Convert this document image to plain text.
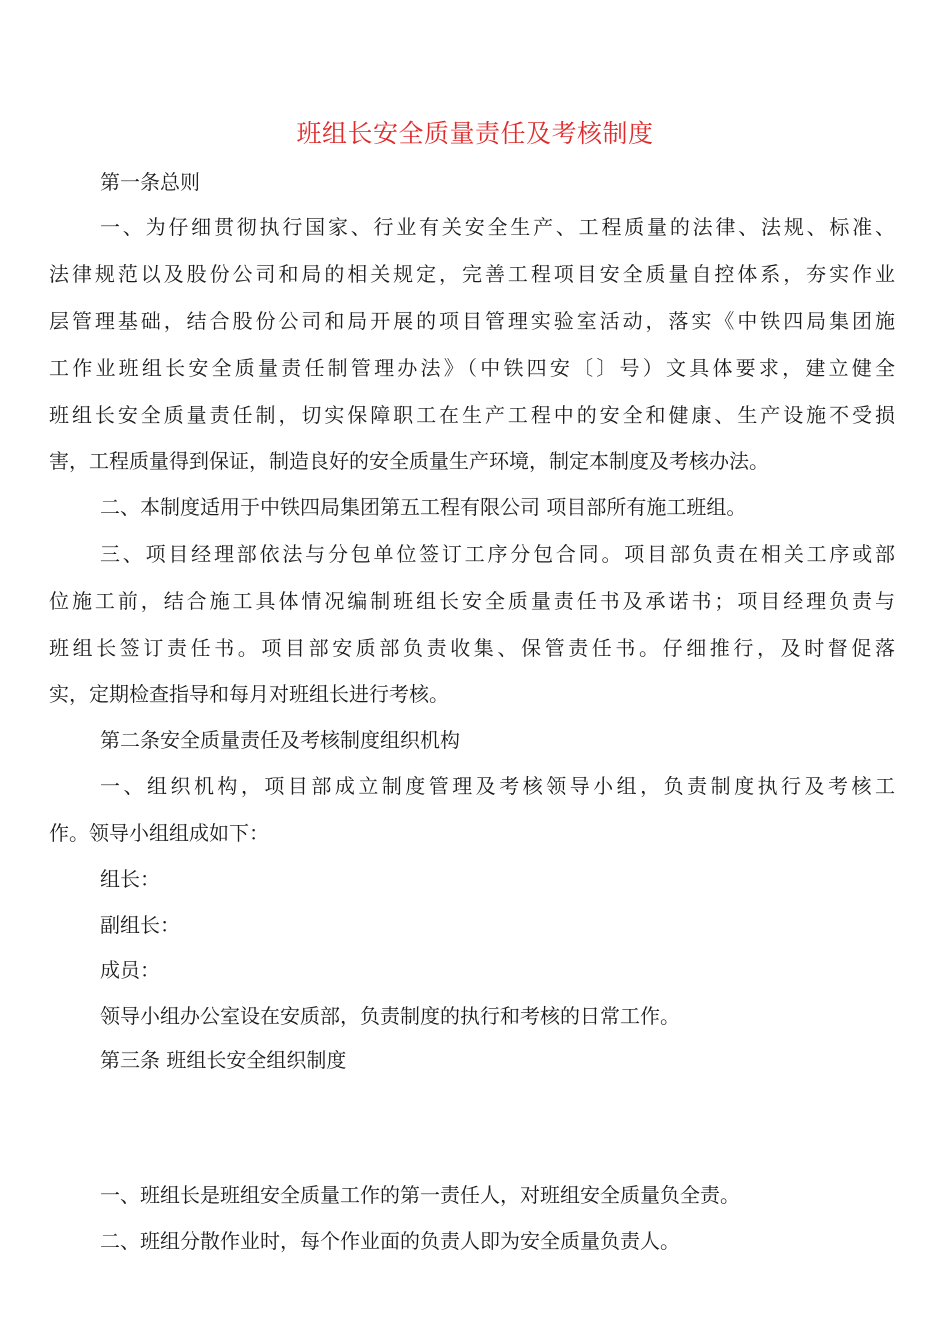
班组长安全质量责任及考核制度
第一条总则
一、为仔细贯彻执行国家、行业有关安全生产、工程质量的法律、法规、标准、
法律规范以及股份公司和局的相关规定，完善工程项目安全质量自控体系，夯实作业
层管理基础，结合股份公司和局开展的项目管理实验室活动，落实《中铁四局集团施
工作业班组长安全质量责任制管理办法》（中铁四安〔〕号）文具体要求，建立健全
班组长安全质量责任制，切实保障职工在生产工程中的安全和健康、生产设施不受损
害，工程质量得到保证，制造良好的安全质量生产环境，制定本制度及考核办法。
二、本制度适用于中铁四局集团第五工程有限公司 项目部所有施工班组。
三、项目经理部依法与分包单位签订工序分包合同。项目部负责在相关工序或部
位施工前，结合施工具体情况编制班组长安全质量责任书及承诺书；项目经理负责与
班组长签订责任书。项目部安质部负责收集、保管责任书。仔细推行，及时督促落
实，定期检查指导和每月对班组长进行考核。
第二条安全质量责任及考核制度组织机构
一、组织机构，项目部成立制度管理及考核领导小组，负责制度执行及考核工
作。领导小组组成如下：
组长：
副组长：
成员：
领导小组办公室设在安质部，负责制度的执行和考核的日常工作。
第三条 班组长安全组织制度
一、班组长是班组安全质量工作的第一责任人，对班组安全质量负全责。
二、班组分散作业时，每个作业面的负责人即为安全质量负责人。
